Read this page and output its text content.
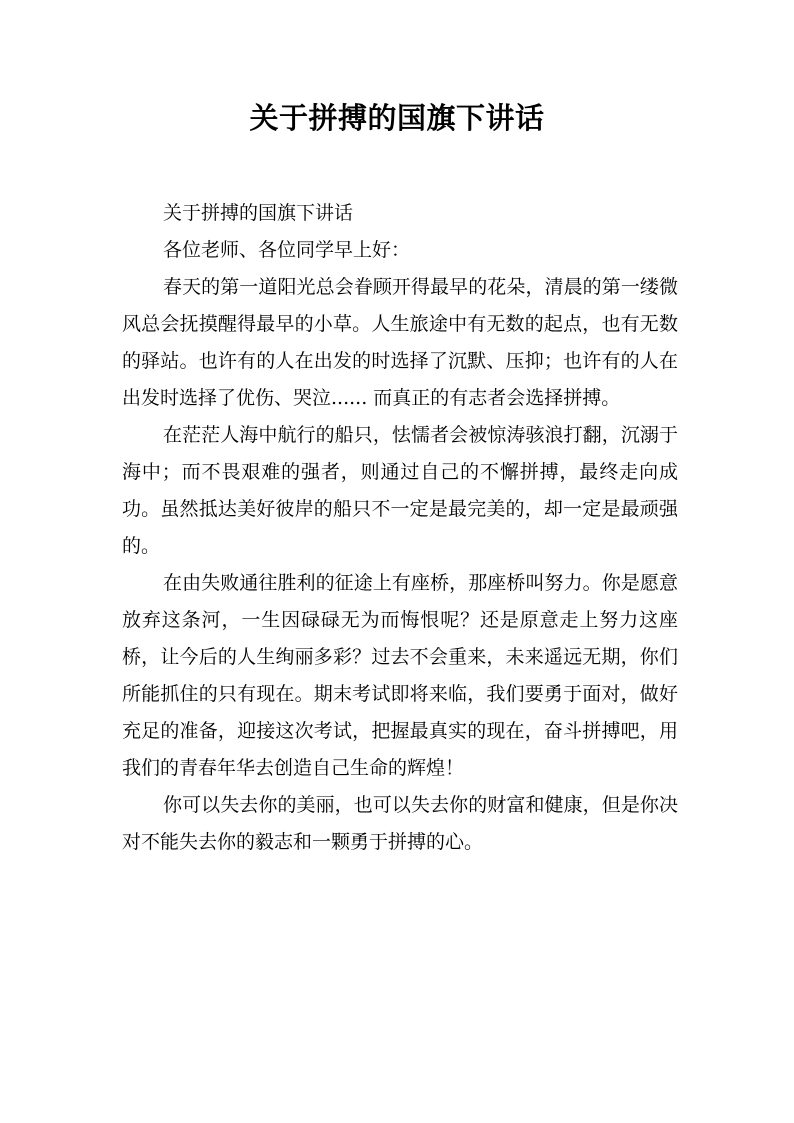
关于拼搏的国旗下讲话

关于拼搏的国旗下讲话

各位老师、各位同学早上好：

春天的第一道阳光总会眷顾开得最早的花朵，清晨的第一缕微风总会抚摸醒得最早的小草。人生旅途中有无数的起点，也有无数的驿站。也许有的人在出发的时选择了沉默、压抑；也许有的人在出发时选择了优伤、哭泣...... 而真正的有志者会选择拼搏。

在茫茫人海中航行的船只，怯懦者会被惊涛骇浪打翻，沉溺于海中；而不畏艰难的强者，则通过自己的不懈拼搏，最终走向成功。虽然抵达美好彼岸的船只不一定是最完美的，却一定是最顽强的。

在由失败通往胜利的征途上有座桥，那座桥叫努力。你是愿意放弃这条河，一生因碌碌无为而悔恨呢？还是原意走上努力这座桥，让今后的人生绚丽多彩？过去不会重来，未来遥远无期，你们所能抓住的只有现在。期末考试即将来临，我们要勇于面对，做好充足的准备，迎接这次考试，把握最真实的现在，奋斗拼搏吧，用我们的青春年华去创造自己生命的辉煌！

你可以失去你的美丽，也可以失去你的财富和健康，但是你决对不能失去你的毅志和一颗勇于拼搏的心。
